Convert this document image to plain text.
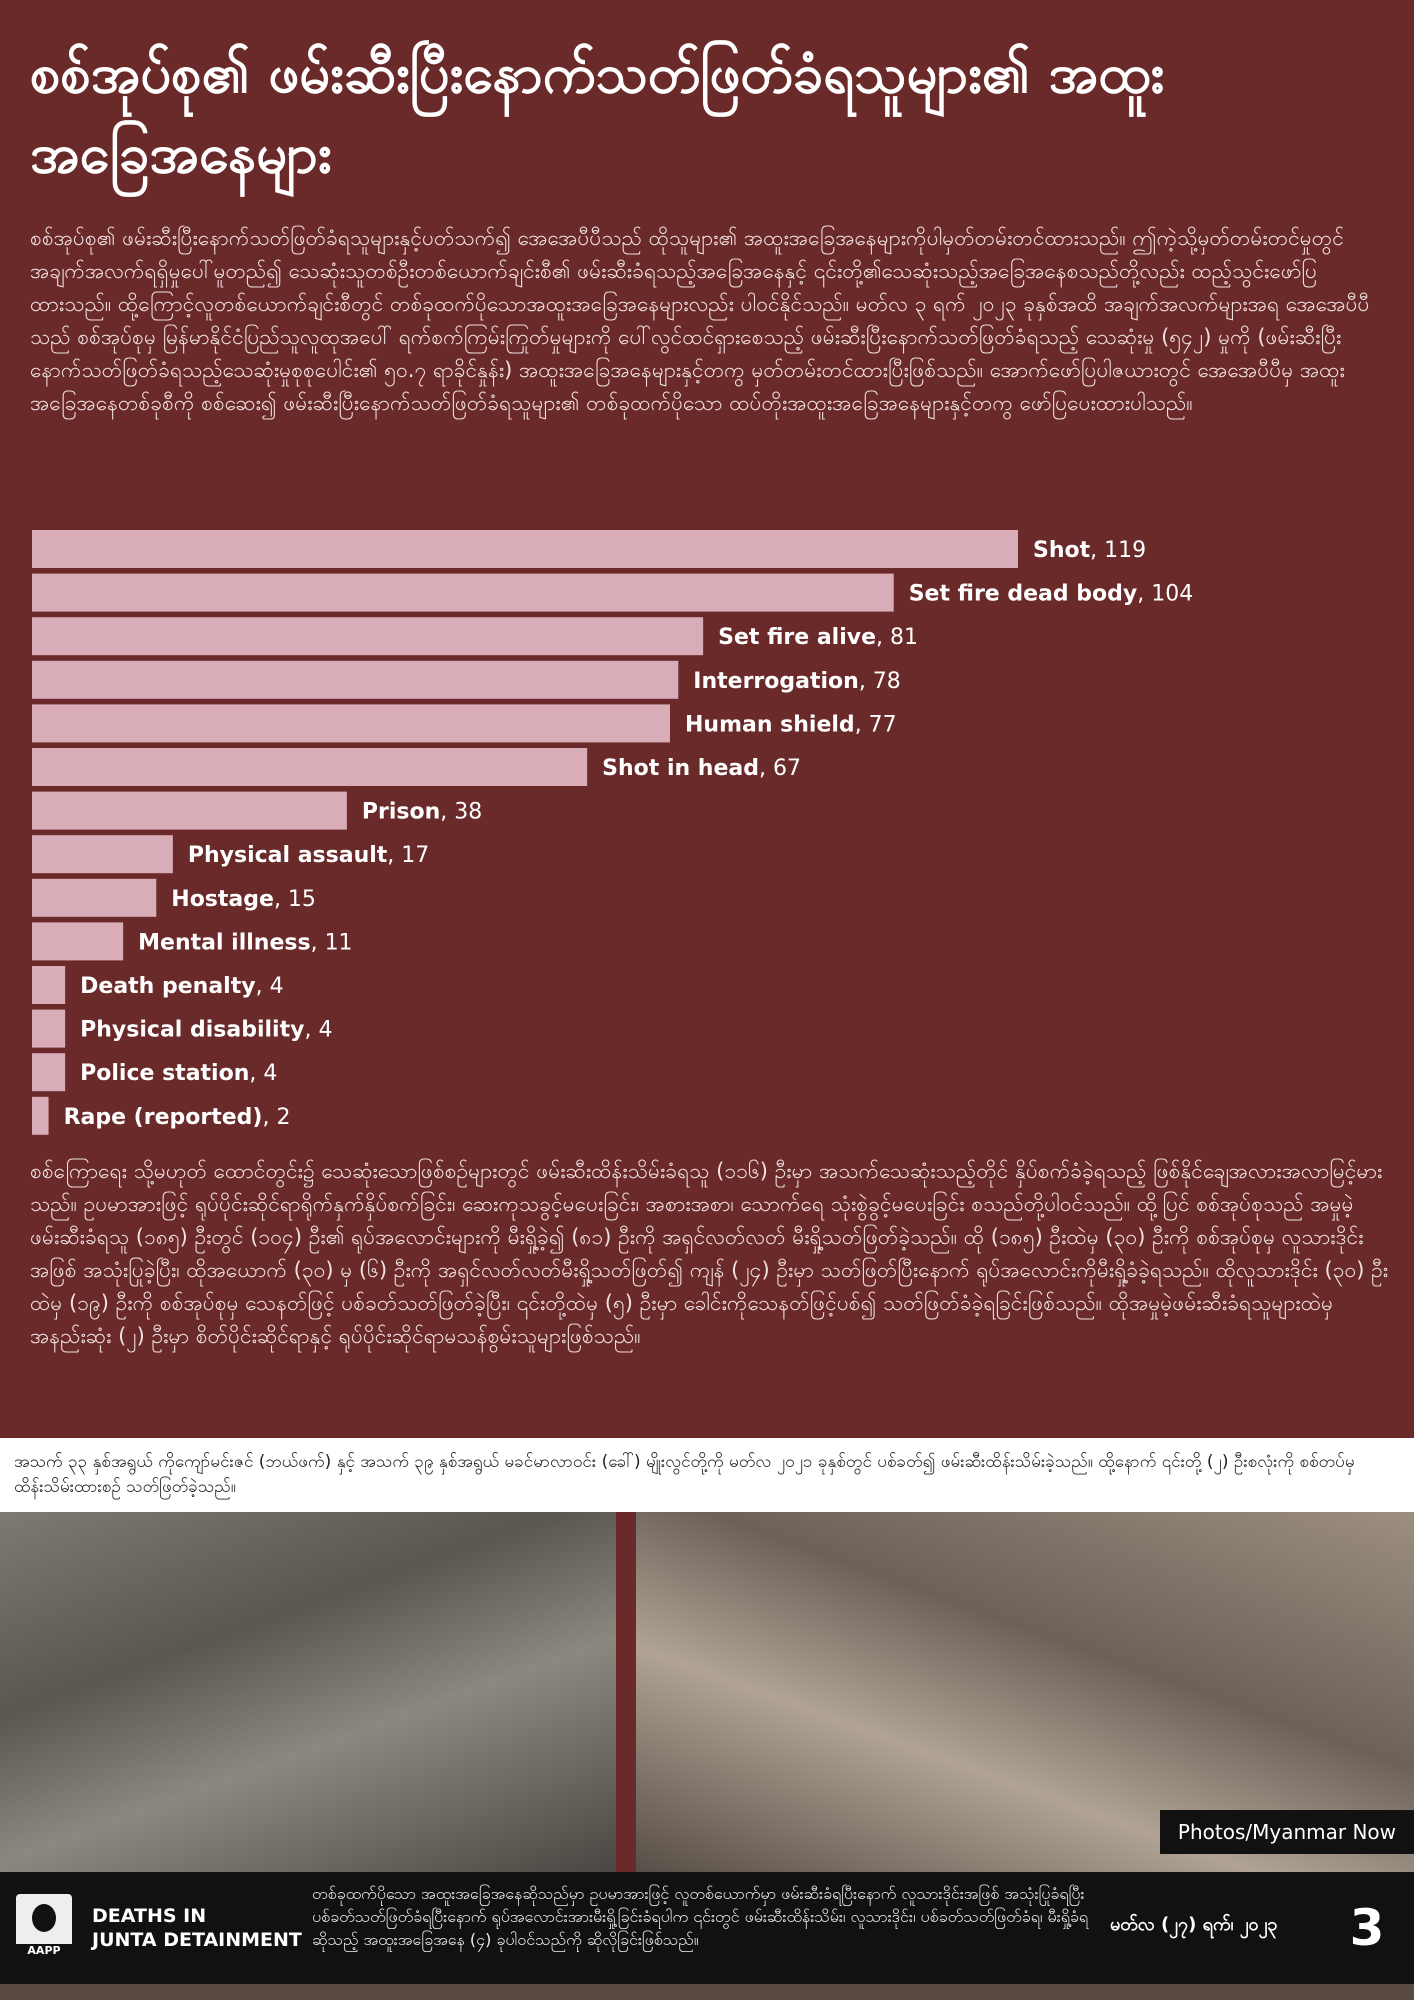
စစ်အုပ်စု၏ ဖမ်းဆီးပြီးနောက်သတ်ဖြတ်ခံရသူများ၏ အထူးအခြေအနေများ

စစ်အုပ်စု၏ ဖမ်းဆီးပြီးနောက်သတ်ဖြတ်ခံရသူများနှင့်ပတ်သက်၍ အေအေပီပီသည် ထိုသူများ၏ အထူးအခြေအနေများကိုပါမှတ်တမ်းတင်ထားသည်။ ဤကဲ့သို့မှတ်တမ်းတင်မှုတွင် အချက်အလက်ရရှိမှုပေါ်မူတည်၍ သေဆုံးသူတစ်ဦးတစ်ယောက်ချင်းစီ၏ ဖမ်းဆီးခံရသည့်အခြေအနေနှင့် ၎င်းတို့၏သေဆုံးသည့်အခြေအနေစသည်တို့လည်း ထည့်သွင်းဖော်ပြထားသည်။ ထို့ကြောင့်လူတစ်ယောက်ချင်းစီတွင် တစ်ခုထက်ပိုသောအထူးအခြေအနေများလည်း ပါဝင်နိုင်သည်။ မတ်လ ၃ ရက် ၂၀၂၃ ခုနှစ်အထိ အချက်အလက်များအရ အေအေပီပီသည် စစ်အုပ်စုမှ မြန်မာနိုင်ငံပြည်သူလူထုအပေါ် ရက်စက်ကြမ်းကြုတ်မှုများကို ပေါ်လွင်ထင်ရှားစေသည့် ဖမ်းဆီးပြီးနောက်သတ်ဖြတ်ခံရသည့် သေဆုံးမှု (၅၄၂) မှုကို (ဖမ်းဆီးပြီးနောက်သတ်ဖြတ်ခံရသည့်သေဆုံးမှုစုစုပေါင်း၏ ၅၀.၇ ရာခိုင်နှုန်း) အထူးအခြေအနေများနှင့်တကွ မှတ်တမ်းတင်ထားပြီးဖြစ်သည်။ အောက်ဖော်ပြပါဇယားတွင် အေအေပီပီမှ အထူးအခြေအနေတစ်ခုစီကို စစ်ဆေး၍ ဖမ်းဆီးပြီးနောက်သတ်ဖြတ်ခံရသူများ၏ တစ်ခုထက်ပိုသော ထပ်တိုးအထူးအခြေအနေများနှင့်တကွ ဖော်ပြပေးထားပါသည်။

Shot, 119
Set fire dead body, 104
Set fire alive, 81
Interrogation, 78
Human shield, 77
Shot in head, 67
Prison, 38
Physical assault, 17
Hostage, 15
Mental illness, 11
Death penalty, 4
Physical disability, 4
Police station, 4
Rape (reported), 2

စစ်ကြောရေး သို့မဟုတ် ထောင်တွင်း၌ သေဆုံးသောဖြစ်စဉ်များတွင် ဖမ်းဆီးထိန်းသိမ်းခံရသူ (၁၁၆) ဦးမှာ အသက်သေဆုံးသည့်တိုင် နှိပ်စက်ခံခဲ့ရသည့် ဖြစ်နိုင်ချေအလားအလာမြင့်မားသည်။ ဥပမာအားဖြင့် ရုပ်ပိုင်းဆိုင်ရာရိုက်နှက်နှိပ်စက်ခြင်း၊ ဆေးကုသခွင့်မပေးခြင်း၊ အစားအစာ၊ သောက်ရေ သုံးစွဲခွင့်မပေးခြင်း စသည်တို့ပါဝင်သည်။ ထို့ပြင် စစ်အုပ်စုသည် အမှုမဲ့ဖမ်းဆီးခံရသူ (၁၈၅) ဦးတွင် (၁၀၄) ဦး၏ ရုပ်အလောင်းများကို မီးရှို့ခဲ့၍ (၈၁) ဦးကို အရှင်လတ်လတ် မီးရှို့သတ်ဖြတ်ခဲ့သည်။ ထို (၁၈၅) ဦးထဲမှ (၃၀) ဦးကို စစ်အုပ်စုမှ လူသားဒိုင်းအဖြစ် အသုံးပြုခဲ့ပြီး၊ ထိုအယောက် (၃၀) မှ (၆) ဦးကို အရှင်လတ်လတ်မီးရှို့သတ်ဖြတ်၍ ကျန် (၂၄) ဦးမှာ သတ်ဖြတ်ပြီးနောက် ရုပ်အလောင်းကိုမီးရှို့ခံခဲ့ရသည်။ ထိုလူသားဒိုင်း (၃၀) ဦးထဲမှ (၁၉) ဦးကို စစ်အုပ်စုမှ သေနတ်ဖြင့် ပစ်ခတ်သတ်ဖြတ်ခဲ့ပြီး၊ ၎င်းတို့ထဲမှ (၅) ဦးမှာ ခေါင်းကိုသေနတ်ဖြင့်ပစ်၍ သတ်ဖြတ်ခံခဲ့ရခြင်းဖြစ်သည်။ ထိုအမှုမဲ့ဖမ်းဆီးခံရသူများထဲမှ အနည်းဆုံး (၂) ဦးမှာ စိတ်ပိုင်းဆိုင်ရာနှင့် ရုပ်ပိုင်းဆိုင်ရာမသန်စွမ်းသူများဖြစ်သည်။

အသက် ၃၃ နှစ်အရွယ် ကိုကျော်မင်းဇင် (ဘယ်ဖက်) နှင့် အသက် ၃၉ နှစ်အရွယ် မခင်မာလာဝင်း (ခေါ်) မျိုးလွင်တို့ကို မတ်လ ၂၀၂၁ ခုနှစ်တွင် ပစ်ခတ်၍ ဖမ်းဆီးထိန်းသိမ်းခဲ့သည်။ ထို့နောက် ၎င်းတို့ (၂) ဦးစလုံးကို စစ်တပ်မှ ထိန်းသိမ်းထားစဉ် သတ်ဖြတ်ခဲ့သည်။
Photos/Myanmar Now
AAPP
DEATHS IN
JUNTA DETAINMENT
တစ်ခုထက်ပိုသော အထူးအခြေအနေဆိုသည်မှာ ဥပမာအားဖြင့် လူတစ်ယောက်မှာ ဖမ်းဆီးခံရပြီးနောက် လူသားဒိုင်းအဖြစ် အသုံးပြုခံရပြီး ပစ်ခတ်သတ်ဖြတ်ခံရပြီးနောက် ရုပ်အလောင်းအားမီးရှို့ခြင်းခံရပါက ၎င်းတွင် ဖမ်းဆီးထိန်းသိမ်း၊ လူသားဒိုင်း၊ ပစ်ခတ်သတ်ဖြတ်ခံရ၊ မီးရှို့ခံရဆိုသည့် အထူးအခြေအနေ (၄) ခုပါဝင်သည်ကို ဆိုလိုခြင်းဖြစ်သည်။
မတ်လ (၂၇) ရက်၊ ၂၀၂၃	3
